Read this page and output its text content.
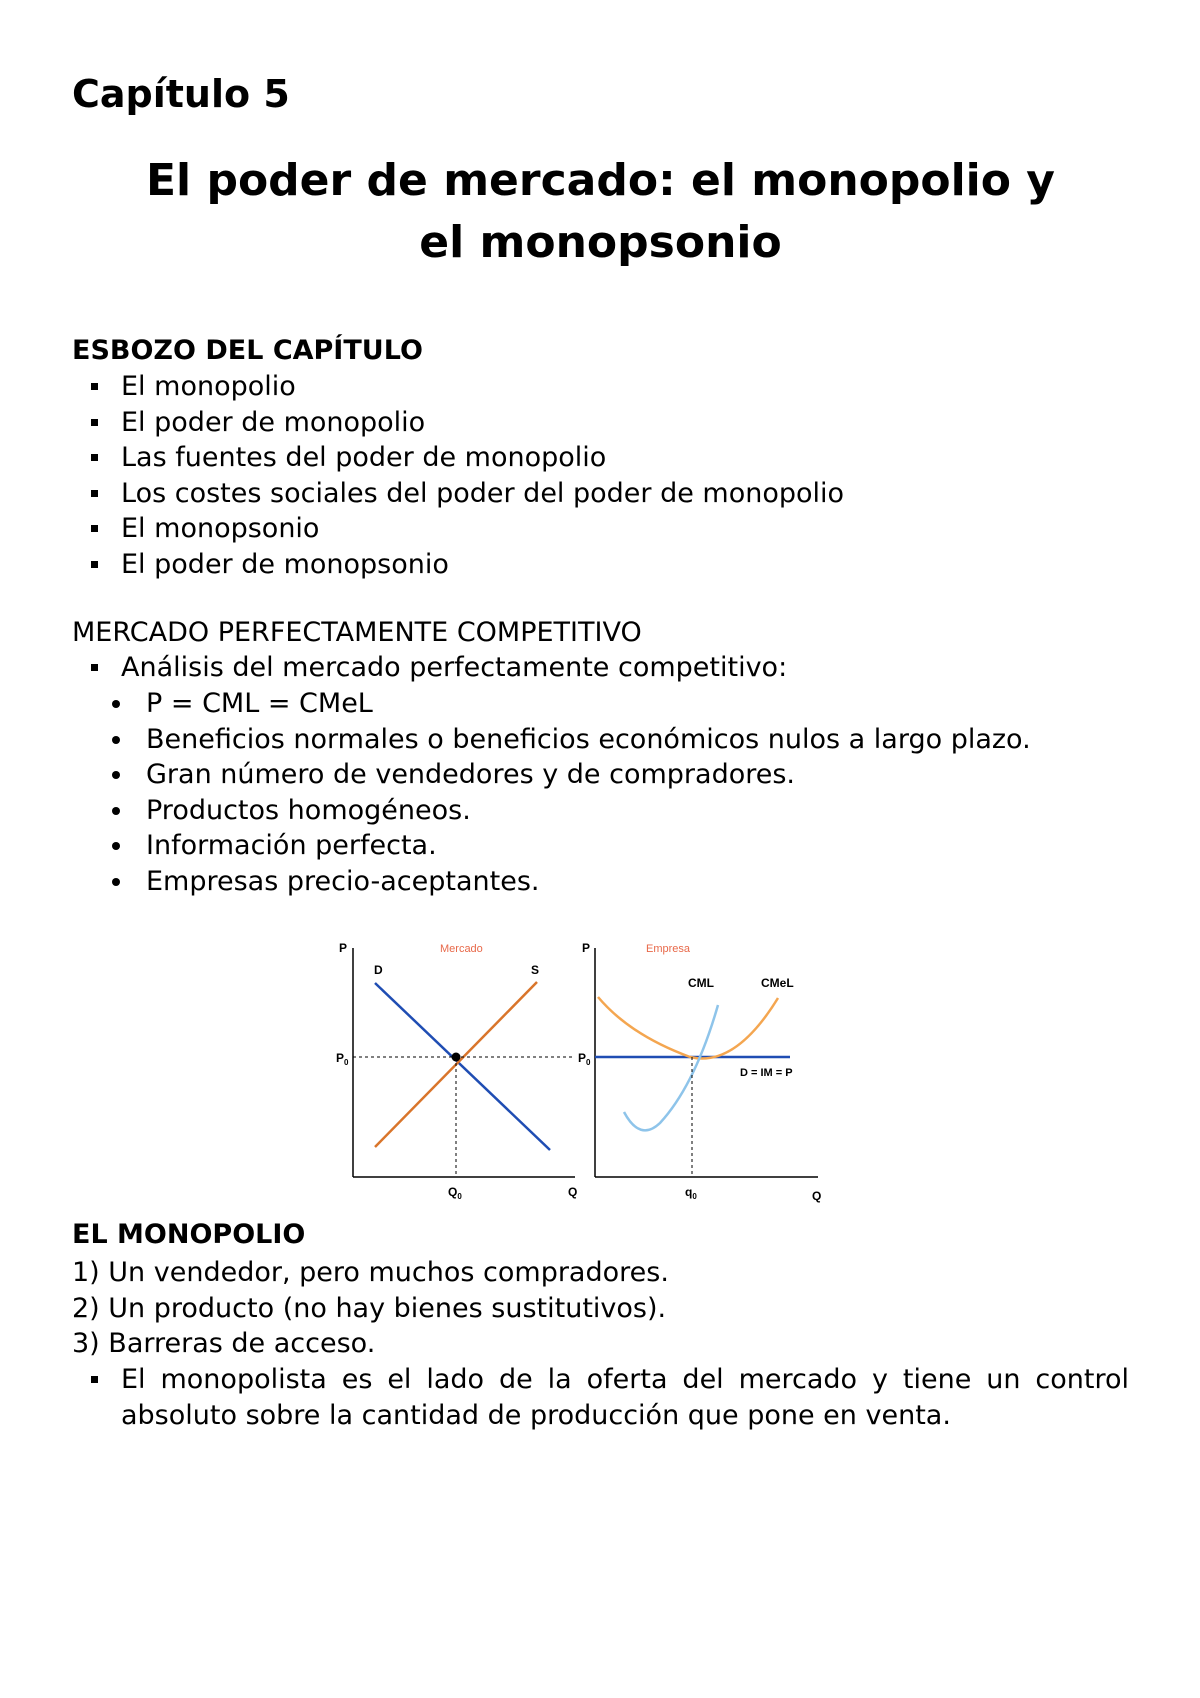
Capítulo 5
El poder de mercado: el monopolio y
el monopsonio
ESBOZO DEL CAPÍTULO
El monopolio
El poder de monopolio
Las fuentes del poder de monopolio
Los costes sociales del poder del poder de monopolio
El monopsonio
El poder de monopsonio
MERCADO PERFECTAMENTE COMPETITIVO
Análisis del mercado perfectamente competitivo:
P = CML = CMeL
Beneficios normales o beneficios económicos nulos a largo plazo.
Gran número de vendedores y de compradores.
Productos homogéneos.
Información perfecta.
Empresas precio-aceptantes.
P
Q
Mercado
D	S
$P_0$
$Q_0$
P
Q
Empresa
CML	CMeL
D = IM = P
$P_0$
$q_0$
EL MONOPOLIO
1) Un vendedor, pero muchos compradores.
2) Un producto (no hay bienes sustitutivos).
3) Barreras de acceso.
El monopolista es el lado de la oferta del mercado y tiene un control absoluto sobre la cantidad de producción que pone en venta.
